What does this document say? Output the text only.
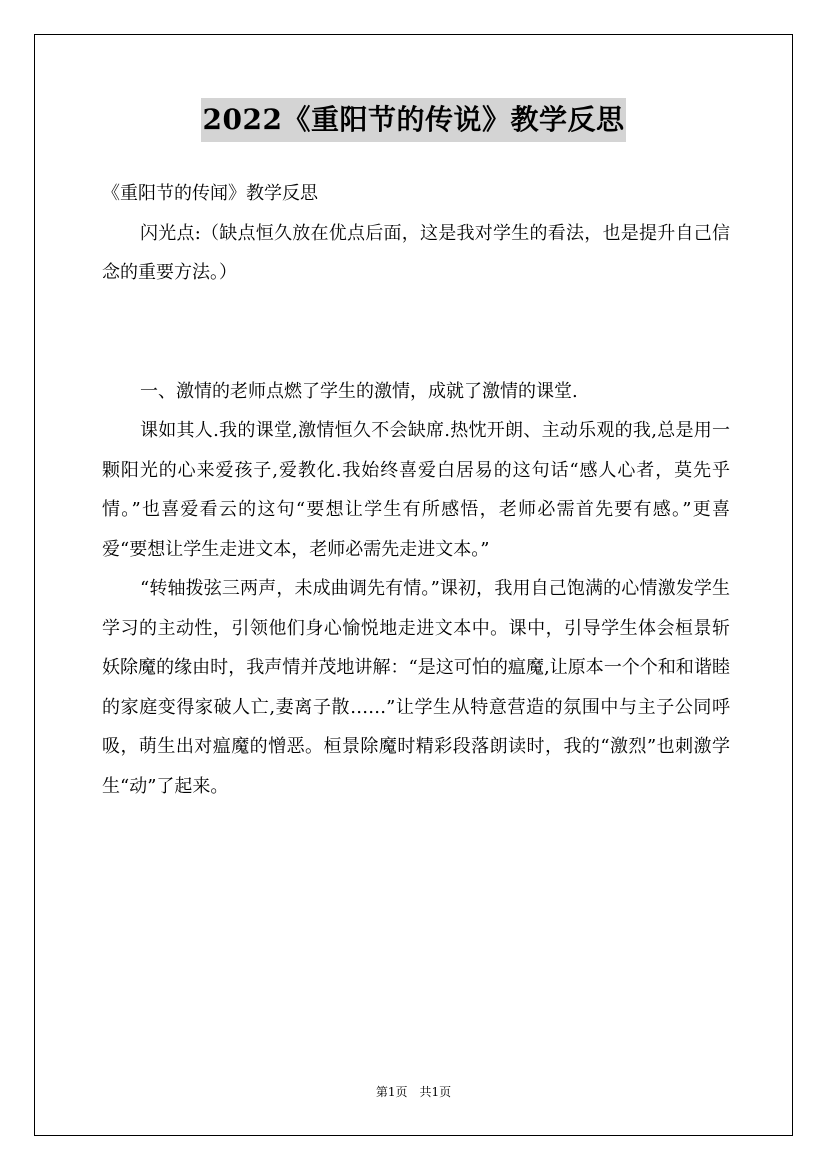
2022《重阳节的传说》教学反思

《重阳节的传闻》教学反思

闪光点:（缺点恒久放在优点后面，这是我对学生的看法，也是提升自己信念的重要方法。）

一、激情的老师点燃了学生的激情，成就了激情的课堂.

课如其人.我的课堂,激情恒久不会缺席.热忱开朗、主动乐观的我,总是用一颗阳光的心来爱孩子,爱教化.我始终喜爱白居易的这句话“感人心者，莫先乎情。”也喜爱看云的这句“要想让学生有所感悟，老师必需首先要有感。”更喜爱“要想让学生走进文本，老师必需先走进文本。”

“转轴拨弦三两声，未成曲调先有情。”课初，我用自己饱满的心情激发学生学习的主动性，引领他们身心愉悦地走进文本中。课中，引导学生体会桓景斩妖除魔的缘由时，我声情并茂地讲解：“是这可怕的瘟魔,让原本一个个和和谐睦的家庭变得家破人亡,妻离子散……”让学生从特意营造的氛围中与主子公同呼吸，萌生出对瘟魔的憎恶。桓景除魔时精彩段落朗读时，我的“激烈”也刺激学生“动”了起来。

第1页　共1页
